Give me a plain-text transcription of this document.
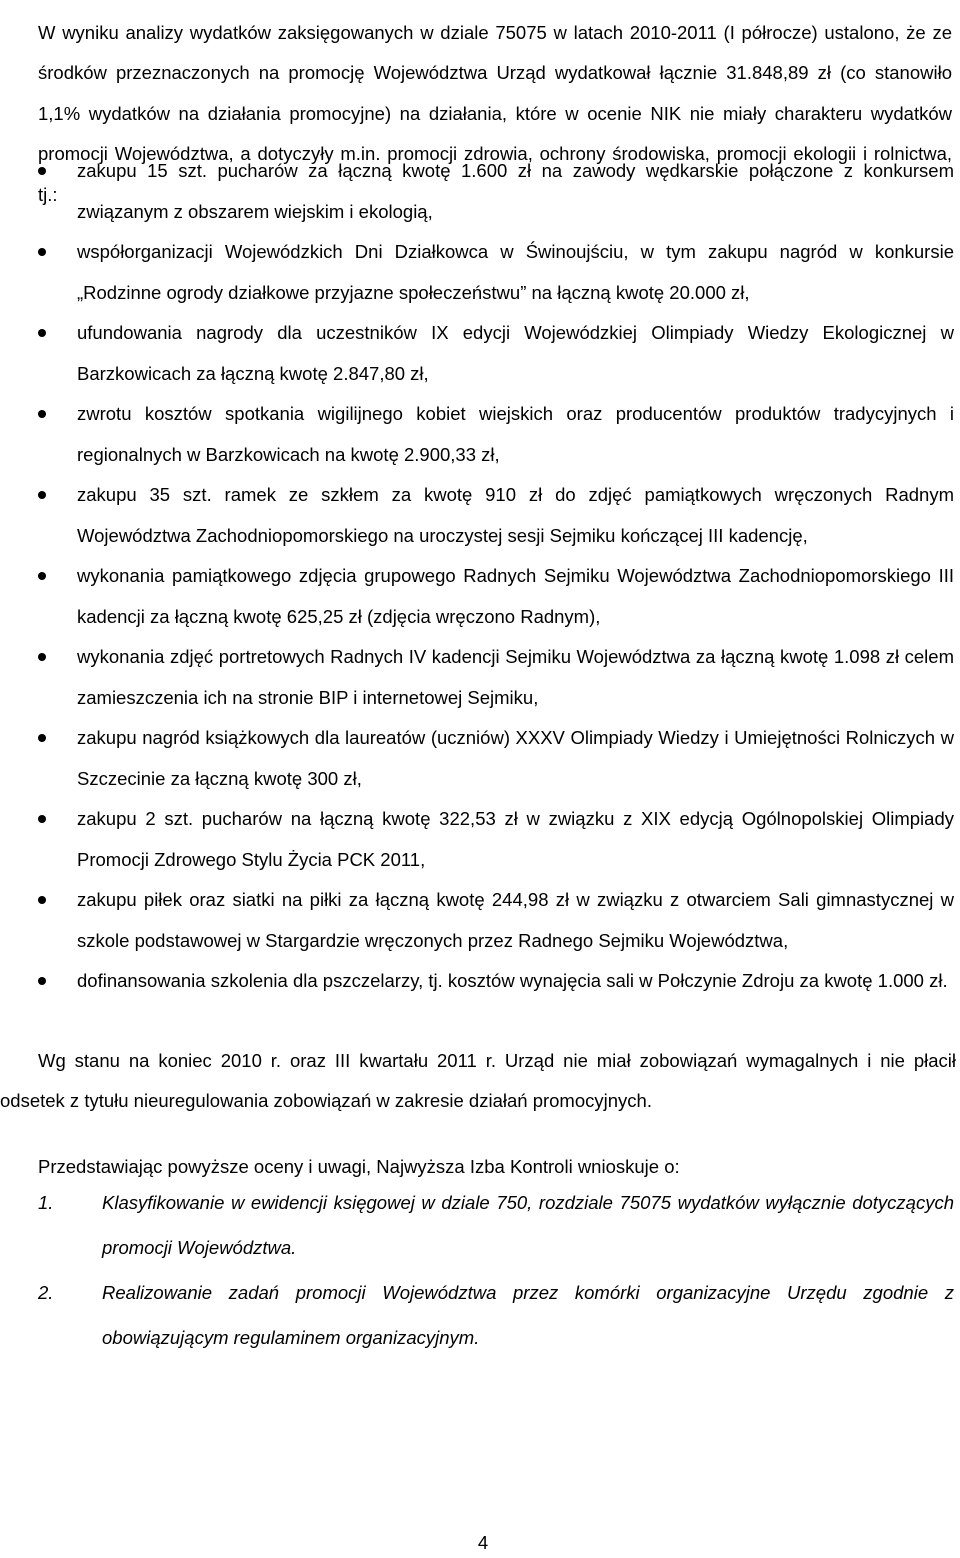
W wyniku analizy wydatków zaksięgowanych w dziale 75075 w latach 2010-2011 (I półrocze) ustalono, że ze środków przeznaczonych na promocję Województwa Urząd wydatkował łącznie 31.848,89 zł (co stanowiło 1,1% wydatków na działania promocyjne) na działania, które w ocenie NIK nie miały charakteru wydatków promocji Województwa, a dotyczyły m.in. promocji zdrowia, ochrony środowiska, promocji ekologii i rolnictwa, tj.:

zakupu 15 szt. pucharów za łączną kwotę 1.600 zł na zawody wędkarskie połączone z konkursem związanym z obszarem wiejskim i ekologią,
współorganizacji Wojewódzkich Dni Działkowca w Świnoujściu, w tym zakupu nagród w konkursie „Rodzinne ogrody działkowe przyjazne społeczeństwu” na łączną kwotę 20.000 zł,
ufundowania nagrody dla uczestników IX edycji Wojewódzkiej Olimpiady Wiedzy Ekologicznej w Barzkowicach za łączną kwotę 2.847,80 zł,
zwrotu kosztów spotkania wigilijnego kobiet wiejskich oraz producentów produktów tradycyjnych i regionalnych w Barzkowicach na kwotę 2.900,33 zł,
zakupu 35 szt. ramek ze szkłem za kwotę 910 zł do zdjęć pamiątkowych wręczonych Radnym Województwa Zachodniopomorskiego na uroczystej sesji Sejmiku kończącej III kadencję,
wykonania pamiątkowego zdjęcia grupowego Radnych Sejmiku Województwa Zachodniopomorskiego III kadencji za łączną kwotę 625,25 zł (zdjęcia wręczono Radnym),
wykonania zdjęć portretowych Radnych IV kadencji Sejmiku Województwa za łączną kwotę 1.098 zł celem zamieszczenia ich na stronie BIP i internetowej Sejmiku,
zakupu nagród książkowych dla laureatów (uczniów) XXXV Olimpiady Wiedzy i Umiejętności Rolniczych w Szczecinie za łączną kwotę 300 zł,
zakupu 2 szt. pucharów na łączną kwotę 322,53 zł w związku z XIX edycją Ogólnopolskiej Olimpiady Promocji Zdrowego Stylu Życia PCK 2011,
zakupu piłek oraz siatki na piłki za łączną kwotę 244,98 zł w związku z otwarciem Sali gimnastycznej w szkole podstawowej w Stargardzie wręczonych przez Radnego Sejmiku Województwa,
dofinansowania szkolenia dla pszczelarzy, tj. kosztów wynajęcia sali w Połczynie Zdroju za kwotę 1.000 zł.

Wg stanu na koniec 2010 r. oraz III kwartału 2011 r. Urząd nie miał zobowiązań wymagalnych i nie płacił odsetek z tytułu nieuregulowania zobowiązań w zakresie działań promocyjnych.

Przedstawiając powyższe oceny i uwagi, Najwyższa Izba Kontroli wnioskuje o:

1.	Klasyfikowanie w ewidencji księgowej w dziale 750, rozdziale 75075 wydatków wyłącznie dotyczących promocji Województwa.
2.	Realizowanie zadań promocji Województwa przez komórki organizacyjne Urzędu zgodnie z obowiązującym regulaminem organizacyjnym.
4
